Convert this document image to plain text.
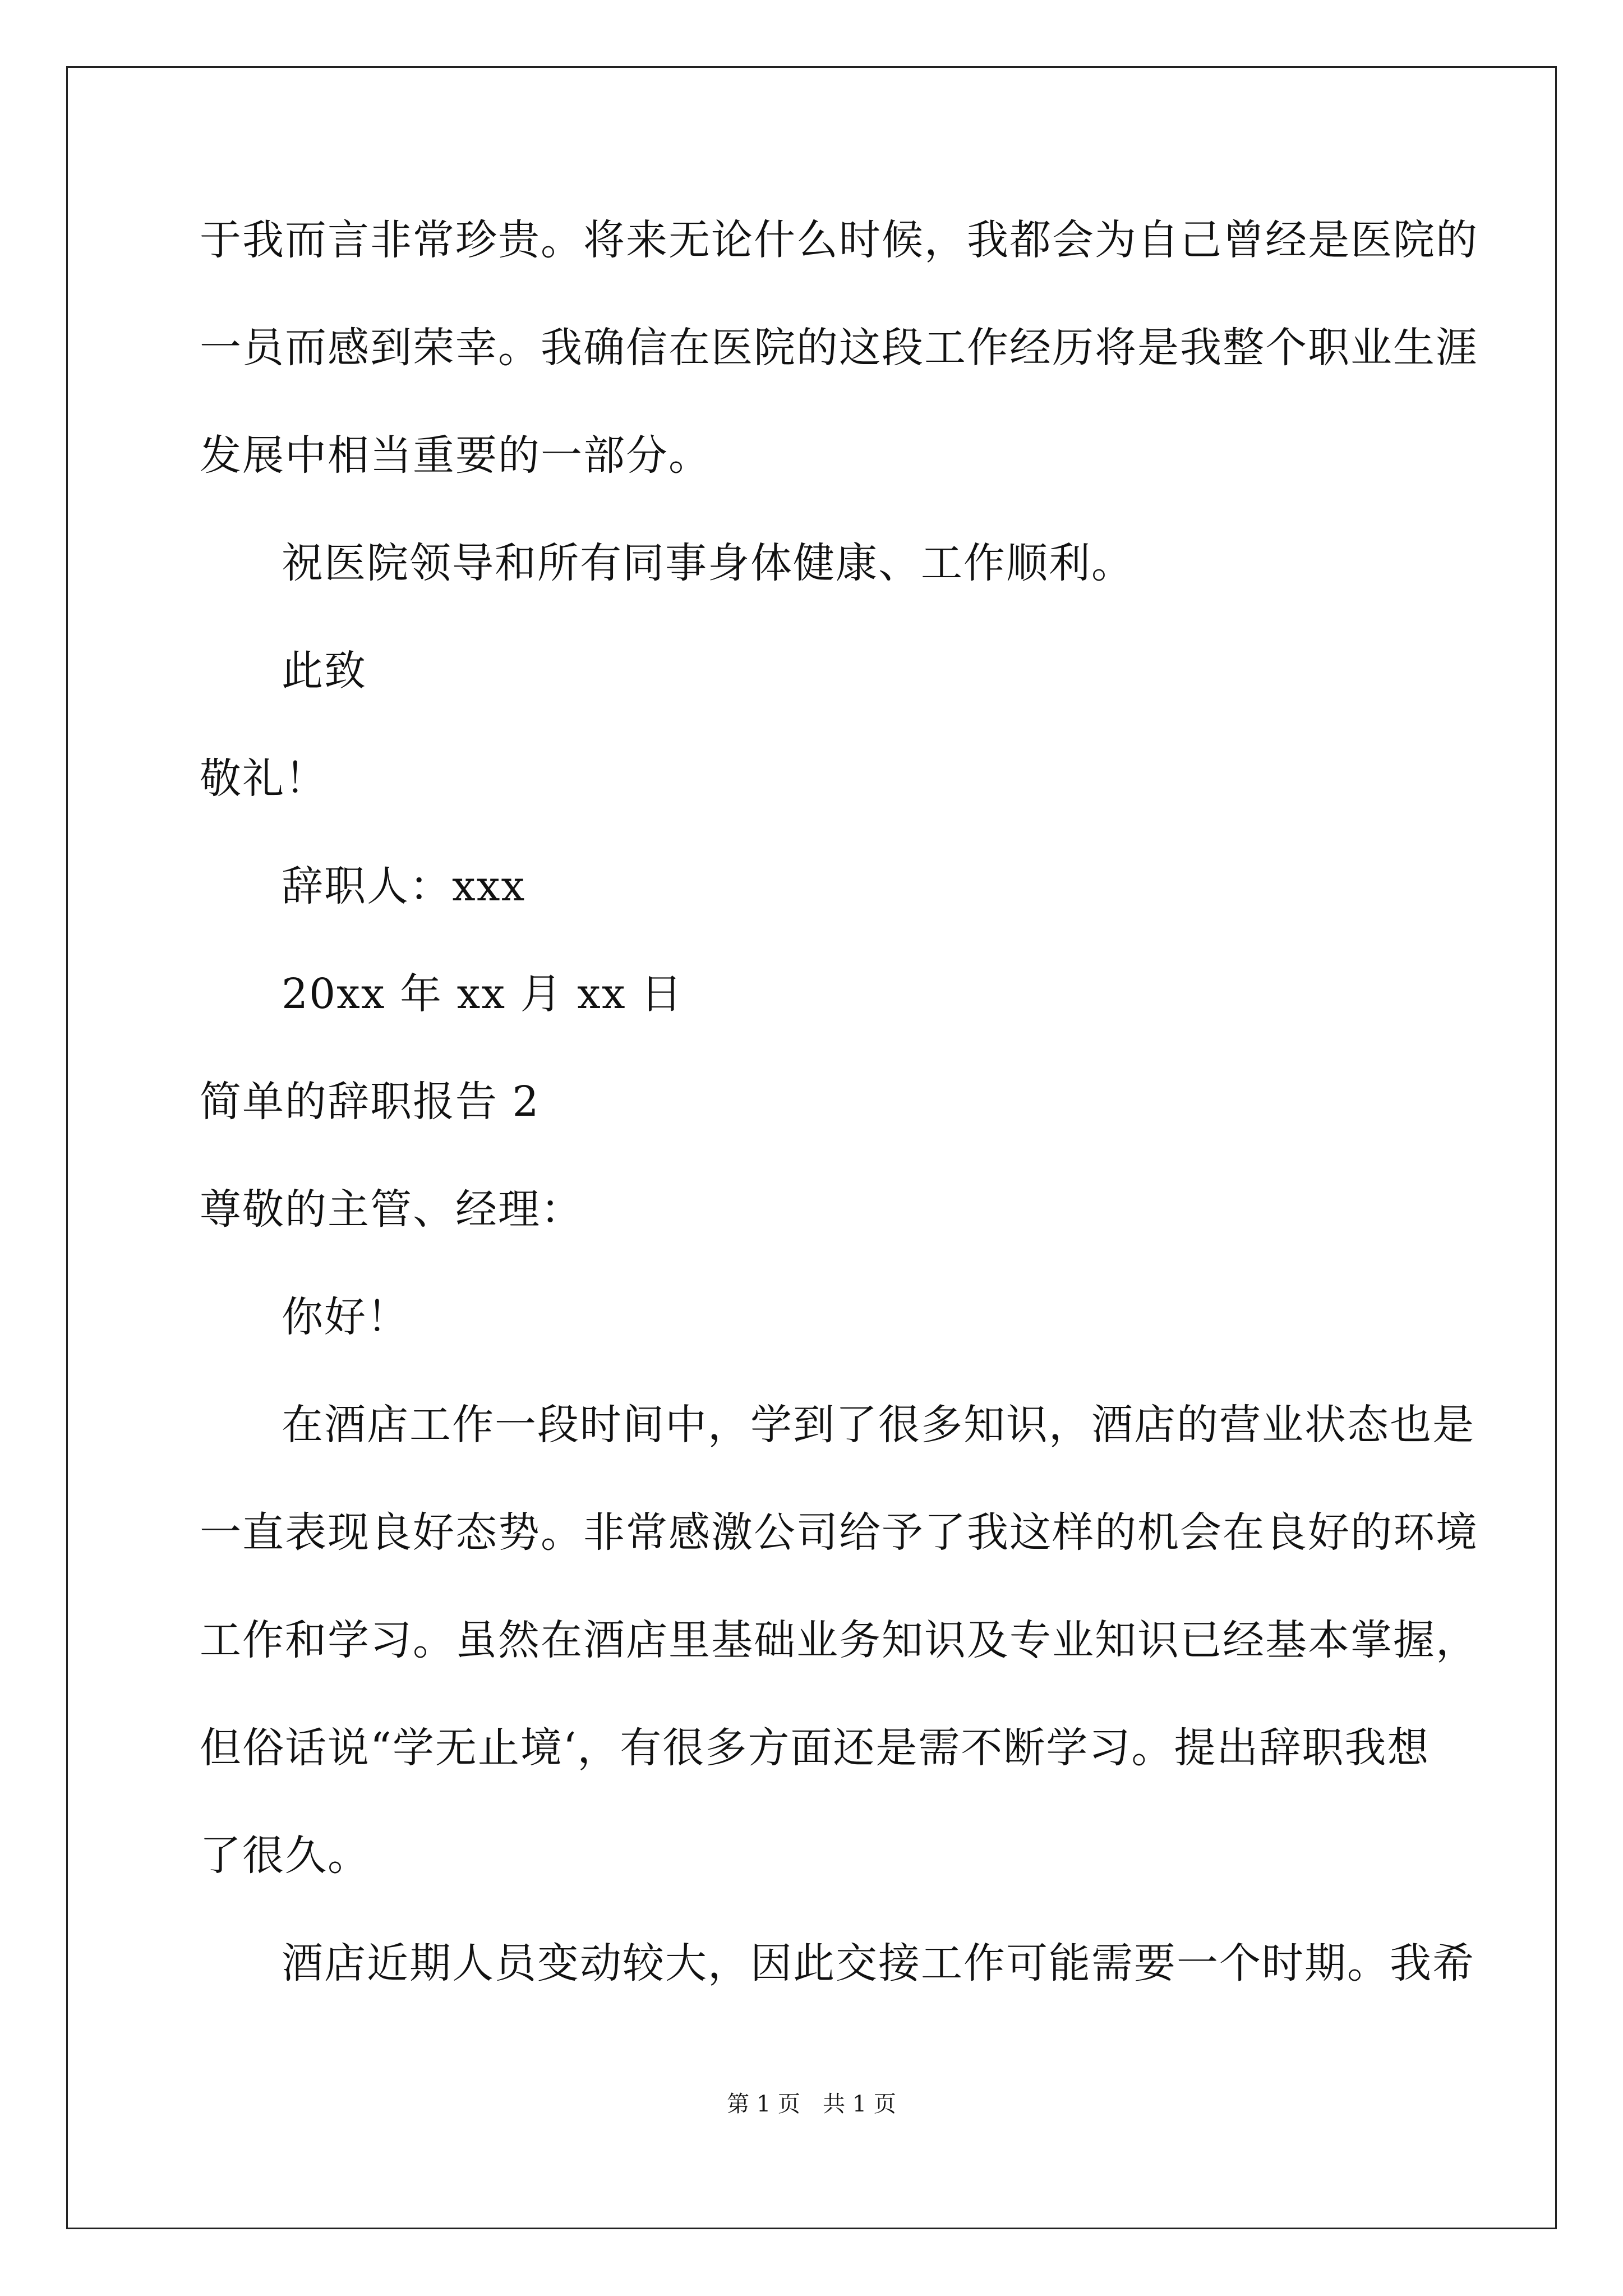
于我而言非常珍贵。将来无论什么时候，我都会为自己曾经是医院的
一员而感到荣幸。我确信在医院的这段工作经历将是我整个职业生涯
发展中相当重要的一部分。
祝医院领导和所有同事身体健康、工作顺利。
此致
敬礼！
辞职人：xxx
20xx 年 xx 月 xx 日
简单的辞职报告 2
尊敬的主管、经理：
你好！
在酒店工作一段时间中，学到了很多知识，酒店的营业状态也是
一直表现良好态势。非常感激公司给予了我这样的机会在良好的环境
工作和学习。虽然在酒店里基础业务知识及专业知识已经基本掌握，
但俗话说“学无止境‘，有很多方面还是需不断学习。提出辞职我想
了很久。
酒店近期人员变动较大，因此交接工作可能需要一个时期。我希
第 1 页　共 1 页
